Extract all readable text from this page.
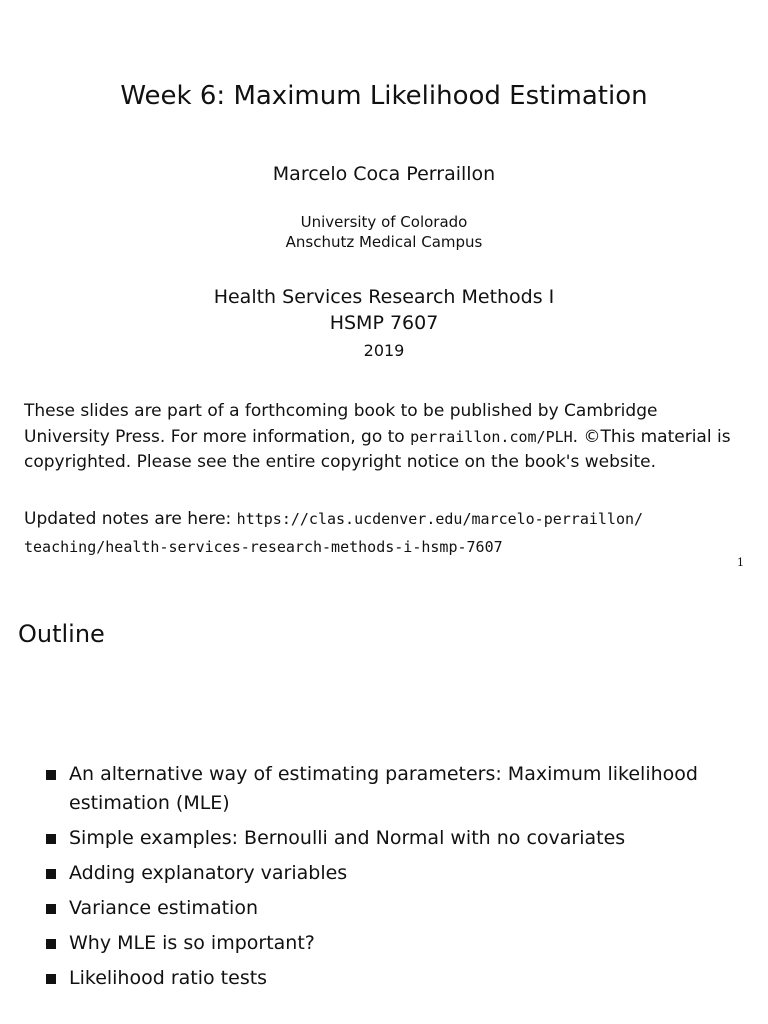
Week 6: Maximum Likelihood Estimation
Marcelo Coca Perraillon
University of Colorado
Anschutz Medical Campus
Health Services Research Methods I
HSMP 7607
2019
These slides are part of a forthcoming book to be published by Cambridge University Press. For more information, go to perraillon.com/PLH. ©This material is copyrighted. Please see the entire copyright notice on the book's website.
Updated notes are here: https://clas.ucdenver.edu/marcelo-perraillon/
teaching/health-services-research-methods-i-hsmp-7607
1
Outline
An alternative way of estimating parameters: Maximum likelihood estimation (MLE)
Simple examples: Bernoulli and Normal with no covariates
Adding explanatory variables
Variance estimation
Why MLE is so important?
Likelihood ratio tests
